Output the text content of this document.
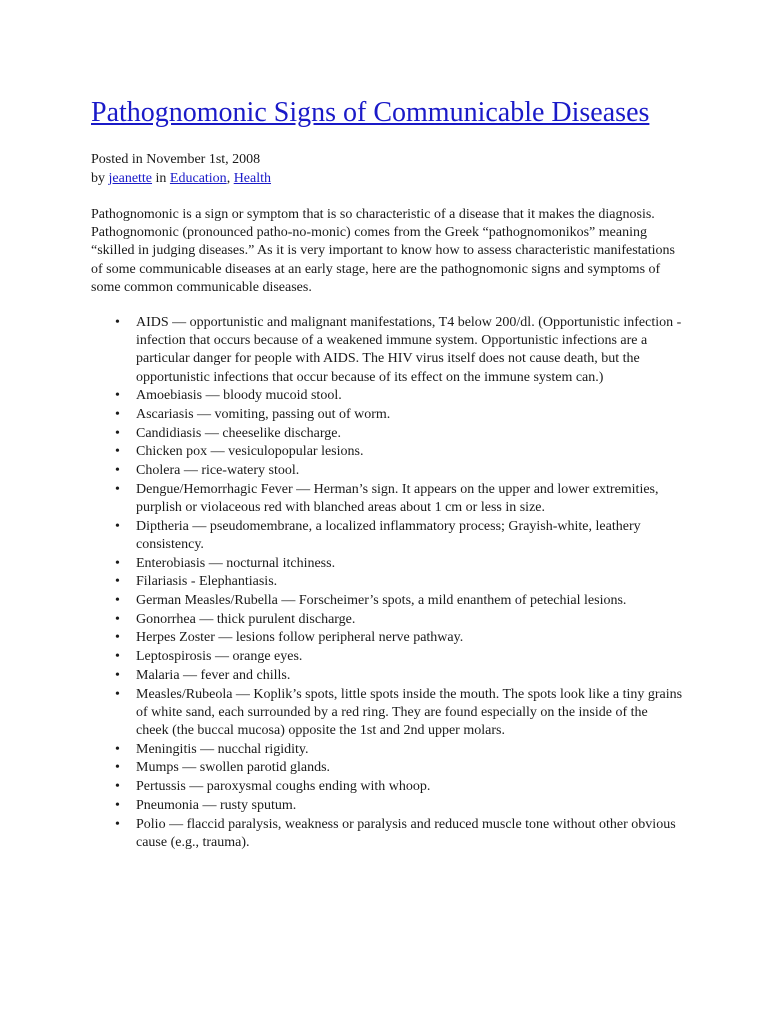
Pathognomonic Signs of Communicable Diseases
Posted in November 1st, 2008
by jeanette in Education, Health

Pathognomonic is a sign or symptom that is so characteristic of a disease that it makes the diagnosis. Pathognomonic (pronounced patho-no-monic) comes from the Greek “pathognomonikos” meaning “skilled in judging diseases.” As it is very important to know how to assess characteristic manifestations of some communicable diseases at an early stage, here are the pathognomonic signs and symptoms of some common communicable diseases.

• AIDS — opportunistic and malignant manifestations, T4 below 200/dl. (Opportunistic infection - infection that occurs because of a weakened immune system. Opportunistic infections are a particular danger for people with AIDS. The HIV virus itself does not cause death, but the opportunistic infections that occur because of its effect on the immune system can.)
• Amoebiasis — bloody mucoid stool.
• Ascariasis — vomiting, passing out of worm.
• Candidiasis — cheeselike discharge.
• Chicken pox — vesiculopopular lesions.
• Cholera — rice-watery stool.
• Dengue/Hemorrhagic Fever — Herman’s sign. It appears on the upper and lower extremities, purplish or violaceous red with blanched areas about 1 cm or less in size.
• Diptheria — pseudomembrane, a localized inflammatory process; Grayish-white, leathery consistency.
• Enterobiasis — nocturnal itchiness.
• Filariasis - Elephantiasis.
• German Measles/Rubella — Forscheimer’s spots, a mild enanthem of petechial lesions.
• Gonorrhea — thick purulent discharge.
• Herpes Zoster — lesions follow peripheral nerve pathway.
• Leptospirosis — orange eyes.
• Malaria — fever and chills.
• Measles/Rubeola — Koplik’s spots, little spots inside the mouth. The spots look like a tiny grains of white sand, each surrounded by a red ring. They are found especially on the inside of the cheek (the buccal mucosa) opposite the 1st and 2nd upper molars.
• Meningitis — nucchal rigidity.
• Mumps — swollen parotid glands.
• Pertussis — paroxysmal coughs ending with whoop.
• Pneumonia — rusty sputum.
• Polio — flaccid paralysis, weakness or paralysis and reduced muscle tone without other obvious cause (e.g., trauma).
